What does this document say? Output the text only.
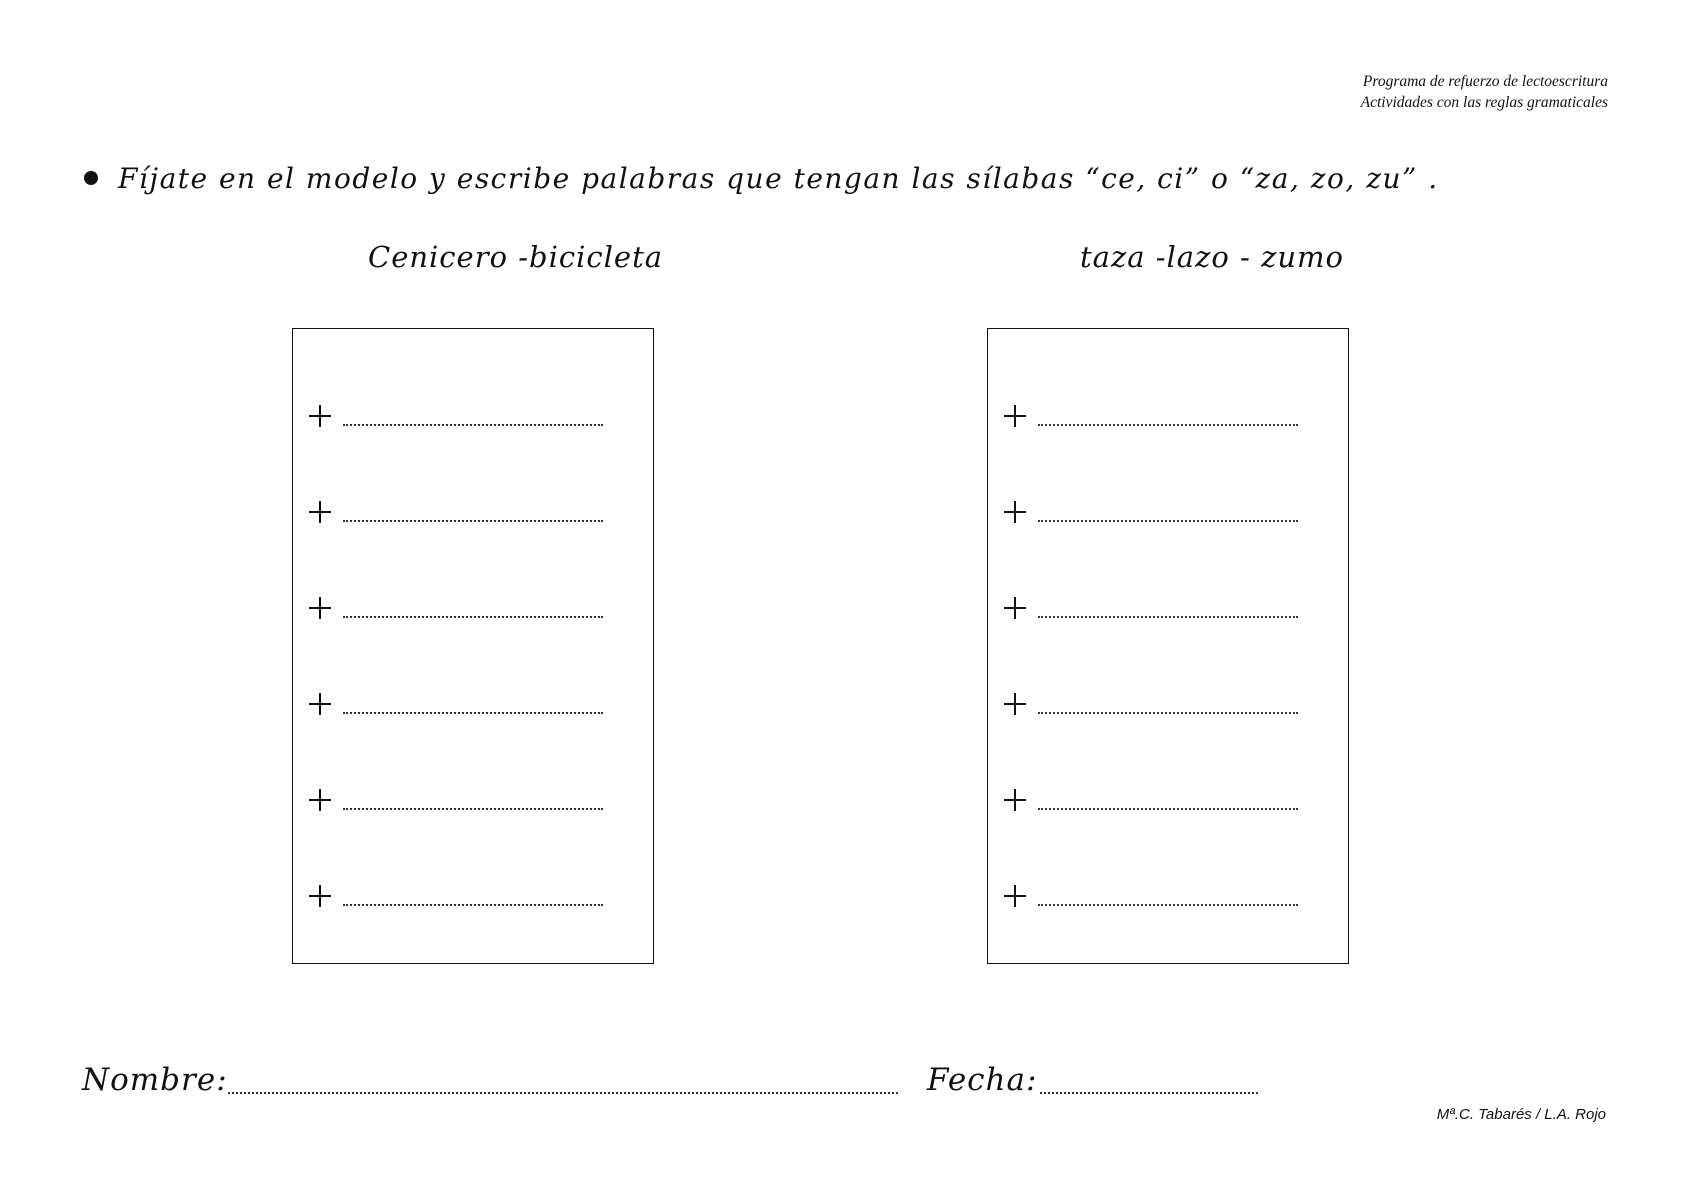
Programa de refuerzo de lectoescritura
Actividades con las reglas gramaticales
Fíjate en el modelo y escribe palabras que tengan las sílabas “ce, ci” o “za, zo, zu” .
Cenicero -bicicleta	taza -lazo - zumo
Nombre:	Fecha:
Mª.C. Tabarés / L.A. Rojo
